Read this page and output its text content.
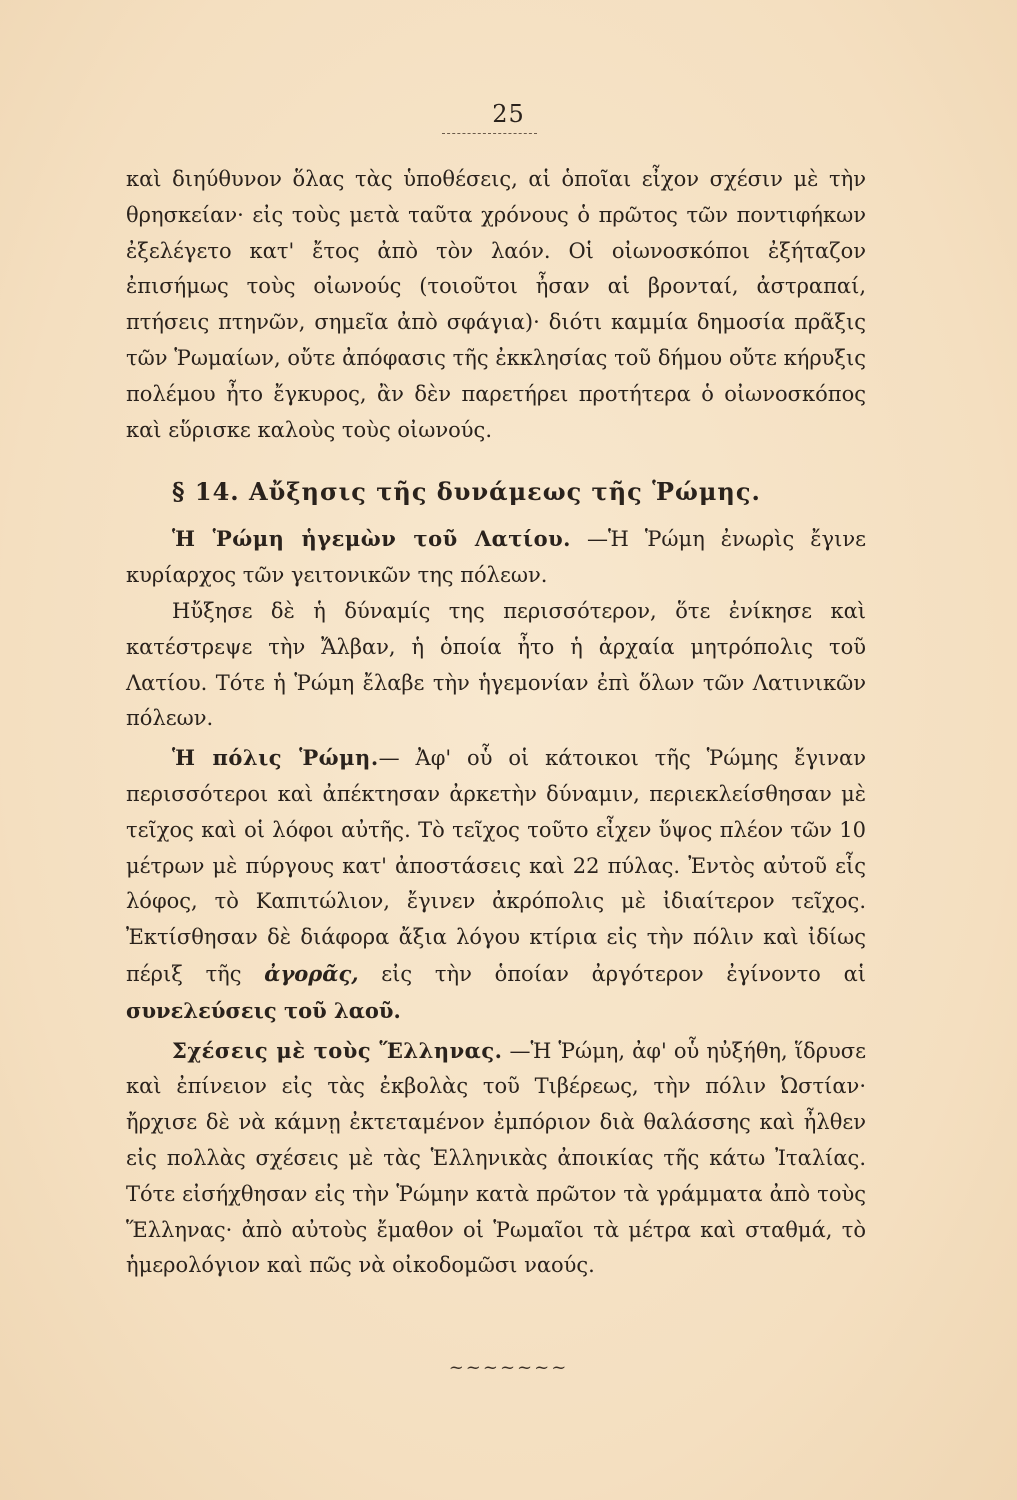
25

καὶ διηύθυνον ὅλας τὰς ὑποθέσεις, αἱ ὁποῖαι εἶχον σχέσιν μὲ τὴν θρησκείαν· εἰς τοὺς μετὰ ταῦτα χρόνους ὁ πρῶτος τῶν ποντιφήκων ἐξελέγετο κατ' ἔτος ἀπὸ τὸν λαόν. Οἱ οἰωνοσκόποι ἐξήταζον ἐπισήμως τοὺς οἰωνούς (τοιοῦτοι ἦσαν αἱ βρονταί, ἀστραπαί, πτήσεις πτηνῶν, σημεῖα ἀπὸ σφάγια)· διότι καμμία δημοσία πρᾶξις τῶν Ῥωμαίων, οὔτε ἀπόφασις τῆς ἐκκλησίας τοῦ δήμου οὔτε κήρυξις πολέμου ἦτο ἔγκυρος, ἂν δὲν παρετήρει προτήτερα ὁ οἰωνοσκόπος καὶ εὕρισκε καλοὺς τοὺς οἰωνούς.

§ 14. Αὔξησις τῆς δυνάμεως τῆς Ῥώμης.

Ἡ Ῥώμη ἡγεμὼν τοῦ Λατίου. —Ἡ Ῥώμη ἐνωρὶς ἔγινε κυρίαρχος τῶν γειτονικῶν της πόλεων.

Ηὔξησε δὲ ἡ δύναμίς της περισσότερον, ὅτε ἐνίκησε καὶ κατέστρεψε τὴν Ἄλβαν, ἡ ὁποία ἦτο ἡ ἀρχαία μητρόπολις τοῦ Λατίου. Τότε ἡ Ῥώμη ἔλαβε τὴν ἡγεμονίαν ἐπὶ ὅλων τῶν Λατινικῶν πόλεων.

Ἡ πόλις Ῥώμη.— Ἀφ' οὗ οἱ κάτοικοι τῆς Ῥώμης ἔγιναν περισσότεροι καὶ ἀπέκτησαν ἀρκετὴν δύναμιν, περιεκλείσθησαν μὲ τεῖχος καὶ οἱ λόφοι αὐτῆς. Τὸ τεῖχος τοῦτο εἶχεν ὕψος πλέον τῶν 10 μέτρων μὲ πύργους κατ' ἀποστάσεις καὶ 22 πύλας. Ἐντὸς αὐτοῦ εἷς λόφος, τὸ Καπιτώλιον, ἔγινεν ἀκρόπολις μὲ ἰδιαίτερον τεῖχος. Ἐκτίσθησαν δὲ διάφορα ἄξια λόγου κτίρια εἰς τὴν πόλιν καὶ ἰδίως πέριξ τῆς ἀγορᾶς, εἰς τὴν ὁποίαν ἀργότερον ἐγίνοντο αἱ συνελεύσεις τοῦ λαοῦ.

Σχέσεις μὲ τοὺς Ἕλληνας. —Ἡ Ῥώμη, ἀφ' οὗ ηὐξήθη, ἵδρυσε καὶ ἐπίνειον εἰς τὰς ἐκβολὰς τοῦ Τιβέρεως, τὴν πόλιν Ὠστίαν· ἤρχισε δὲ νὰ κάμνῃ ἐκτεταμένον ἐμπόριον διὰ θαλάσσης καὶ ἦλθεν εἰς πολλὰς σχέσεις μὲ τὰς Ἑλληνικὰς ἀποικίας τῆς κάτω Ἰταλίας. Τότε εἰσήχθησαν εἰς τὴν Ῥώμην κατὰ πρῶτον τὰ γράμματα ἀπὸ τοὺς Ἕλληνας· ἀπὸ αὐτοὺς ἔμαθον οἱ Ῥωμαῖοι τὰ μέτρα καὶ σταθμά, τὸ ἡμερολόγιον καὶ πῶς νὰ οἰκοδομῶσι ναούς.

~~~~~~~
